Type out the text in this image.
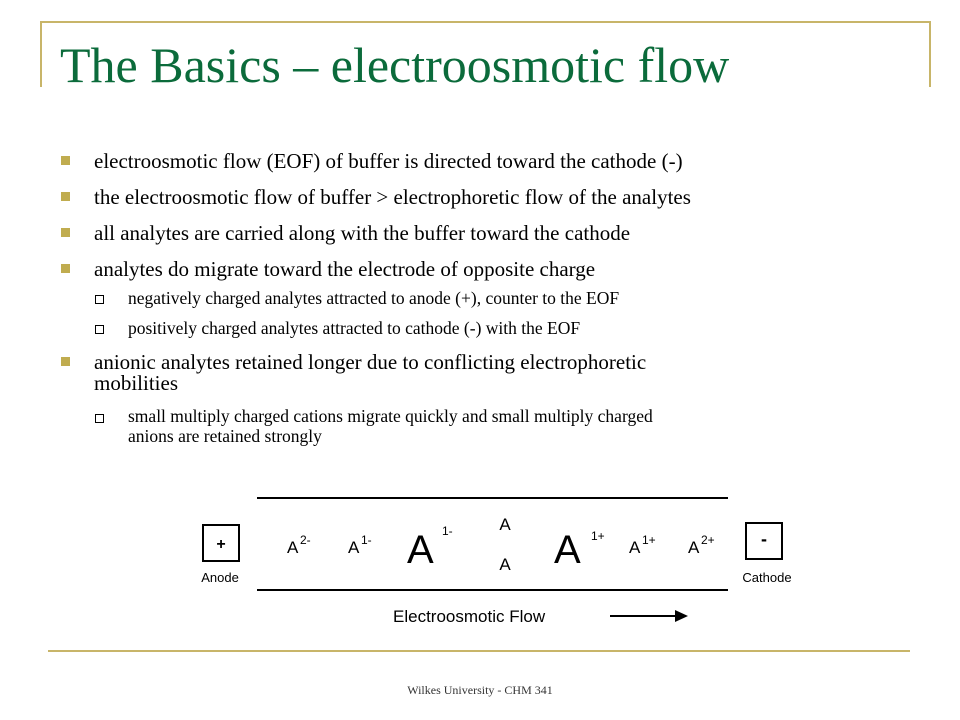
The Basics – electroosmotic flow
electroosmotic flow (EOF) of buffer is directed toward the cathode (-)
the electroosmotic flow of buffer > electrophoretic flow of the analytes
all analytes are carried along with the buffer toward the cathode
analytes do migrate toward the electrode of opposite charge
negatively charged analytes attracted to anode (+), counter to the EOF
positively charged analytes attracted to cathode (-) with the EOF
anionic analytes retained longer due to conflicting electrophoretic
mobilities
small multiply charged cations migrate quickly and small multiply charged
anions are retained strongly
+
Anode
-
Cathode
A 2- A 1- A 1-	A
A A 1+
A 1+ A 2+
Electroosmotic Flow
Wilkes University - CHM 341
